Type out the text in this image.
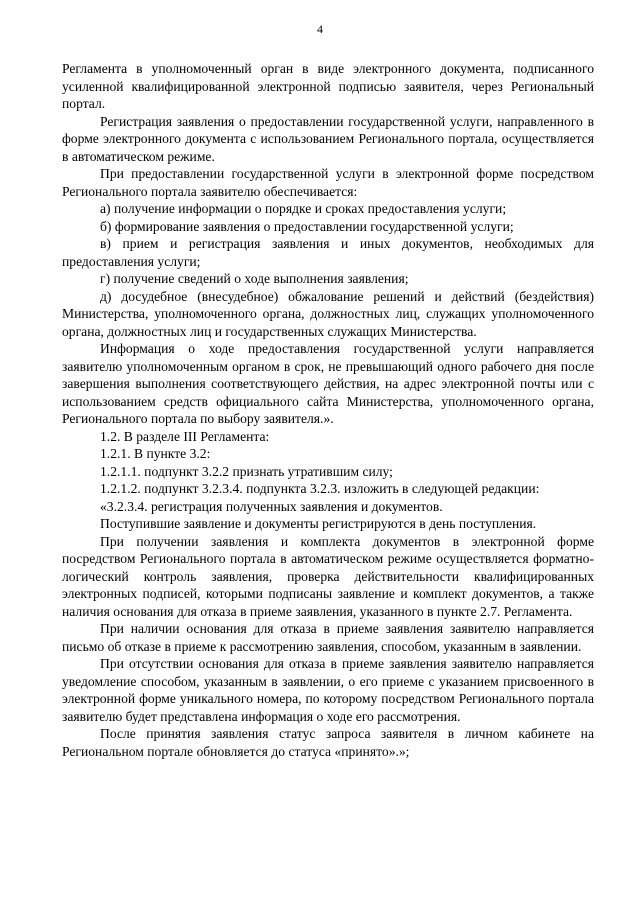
4

Регламента в уполномоченный орган в виде электронного документа, подписанного усиленной квалифицированной электронной подписью заявителя, через Региональный портал.

Регистрация заявления о предоставлении государственной услуги, направленного в форме электронного документа с использованием Регионального портала, осуществляется в автоматическом режиме.

При предоставлении государственной услуги в электронной форме посредством Регионального портала заявителю обеспечивается:

а) получение информации о порядке и сроках предоставления услуги;

б) формирование заявления о предоставлении государственной услуги;

в) прием и регистрация заявления и иных документов, необходимых для предоставления услуги;

г) получение сведений о ходе выполнения заявления;

д) досудебное (внесудебное) обжалование решений и действий (бездействия) Министерства, уполномоченного органа, должностных лиц, служащих уполномоченного органа, должностных лиц и государственных служащих Министерства.

Информация о ходе предоставления государственной услуги направляется заявителю уполномоченным органом в срок, не превышающий одного рабочего дня после завершения выполнения соответствующего действия, на адрес электронной почты или с использованием средств официального сайта Министерства, уполномоченного органа, Регионального портала по выбору заявителя.».

1.2. В разделе III Регламента:

1.2.1. В пункте 3.2:

1.2.1.1. подпункт 3.2.2 признать утратившим силу;

1.2.1.2. подпункт 3.2.3.4. подпункта 3.2.3. изложить в следующей редакции:

«3.2.3.4. регистрация полученных заявления и документов.

Поступившие заявление и документы регистрируются в день поступления.

При получении заявления и комплекта документов в электронной форме посредством Регионального портала в автоматическом режиме осуществляется форматно-логический контроль заявления, проверка действительности квалифицированных электронных подписей, которыми подписаны заявление и комплект документов, а также наличия основания для отказа в приеме заявления, указанного в пункте 2.7. Регламента.

При наличии основания для отказа в приеме заявления заявителю направляется письмо об отказе в приеме к рассмотрению заявления, способом, указанным в заявлении.

При отсутствии основания для отказа в приеме заявления заявителю направляется уведомление способом, указанным в заявлении, о его приеме с указанием присвоенного в электронной форме уникального номера, по которому посредством Регионального портала заявителю будет представлена информация о ходе его рассмотрения.

После принятия заявления статус запроса заявителя в личном кабинете на Региональном портале обновляется до статуса «принято».»;
